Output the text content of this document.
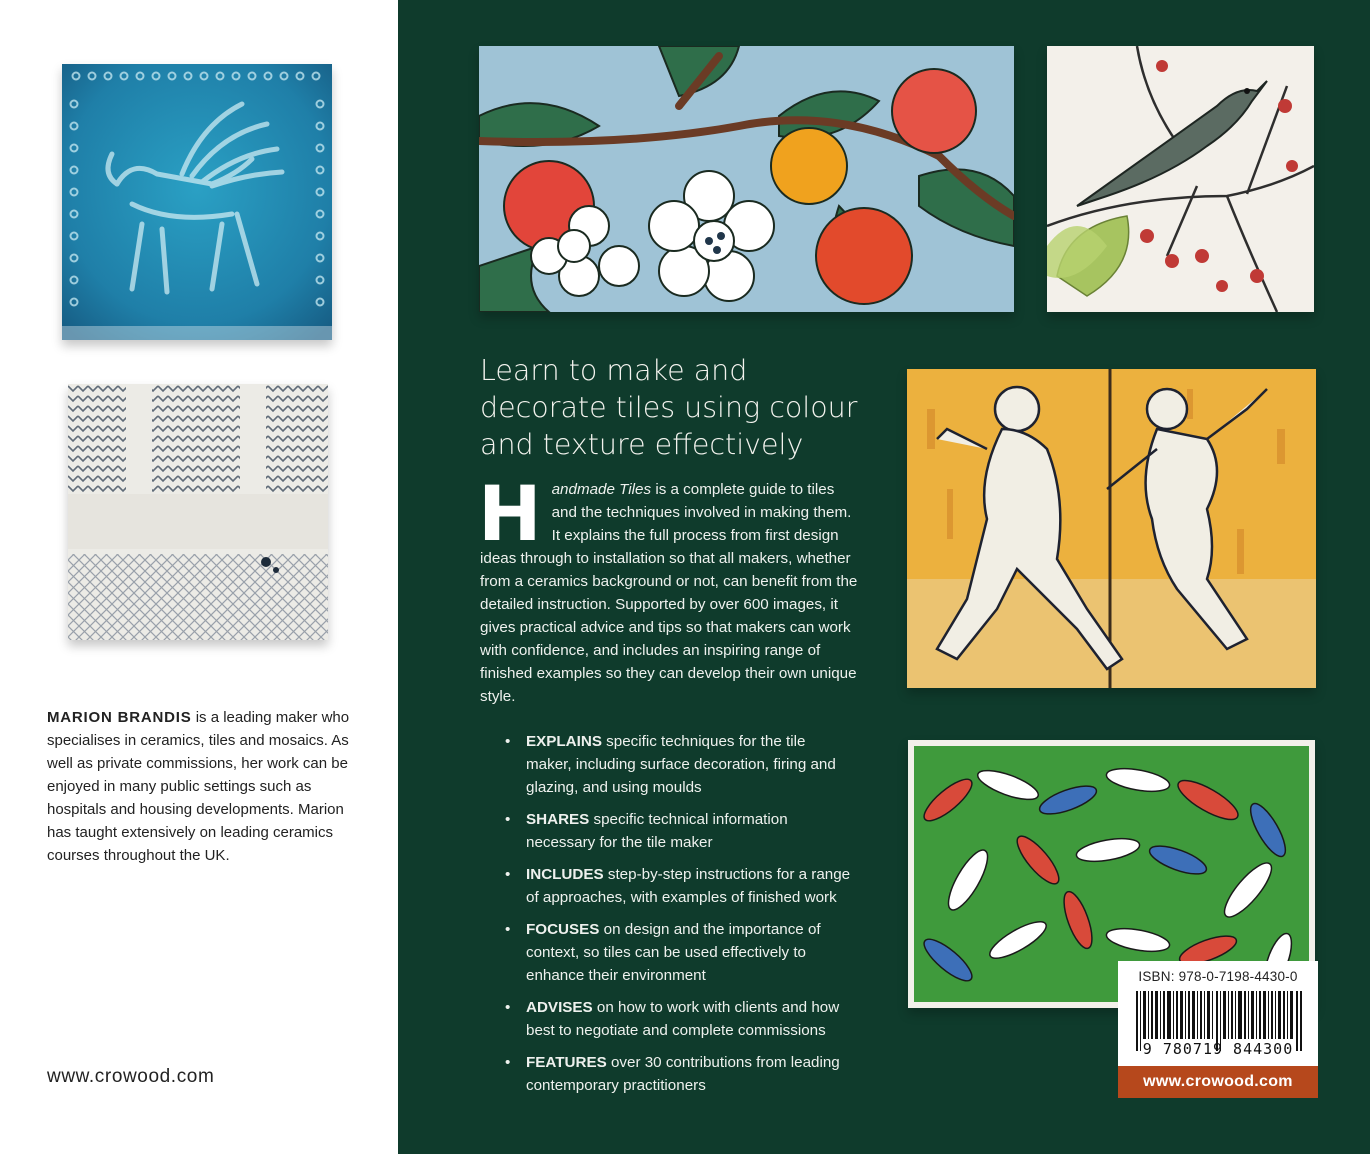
MARION BRANDIS is a leading maker who specialises in ceramics, tiles and mosaics. As well as private commissions, her work can be enjoyed in many public settings such as hospitals and housing developments. Marion has taught extensively on leading ceramics courses throughout the UK.
www.crowood.com
Learn to make and decorate tiles using colour and texture effectively
Handmade Tiles is a complete guide to tiles and the techniques involved in making them. It explains the full process from first design ideas through to installation so that all makers, whether from a ceramics background or not, can benefit from the detailed instruction. Supported by over 600 images, it gives practical advice and tips so that makers can work with confidence, and includes an inspiring range of finished examples so they can develop their own unique style.
• EXPLAINS specific techniques for the tile maker, including surface decoration, firing and glazing, and using moulds
• SHARES specific technical information necessary for the tile maker
• INCLUDES step-by-step instructions for a range of approaches, with examples of finished work
• FOCUSES on design and the importance of context, so tiles can be used effectively to enhance their environment
• ADVISES on how to work with clients and how best to negotiate and complete commissions
• FEATURES over 30 contributions from leading contemporary practitioners
ISBN: 978-0-7198-4430-0
9 780719 844300
www.crowood.com
